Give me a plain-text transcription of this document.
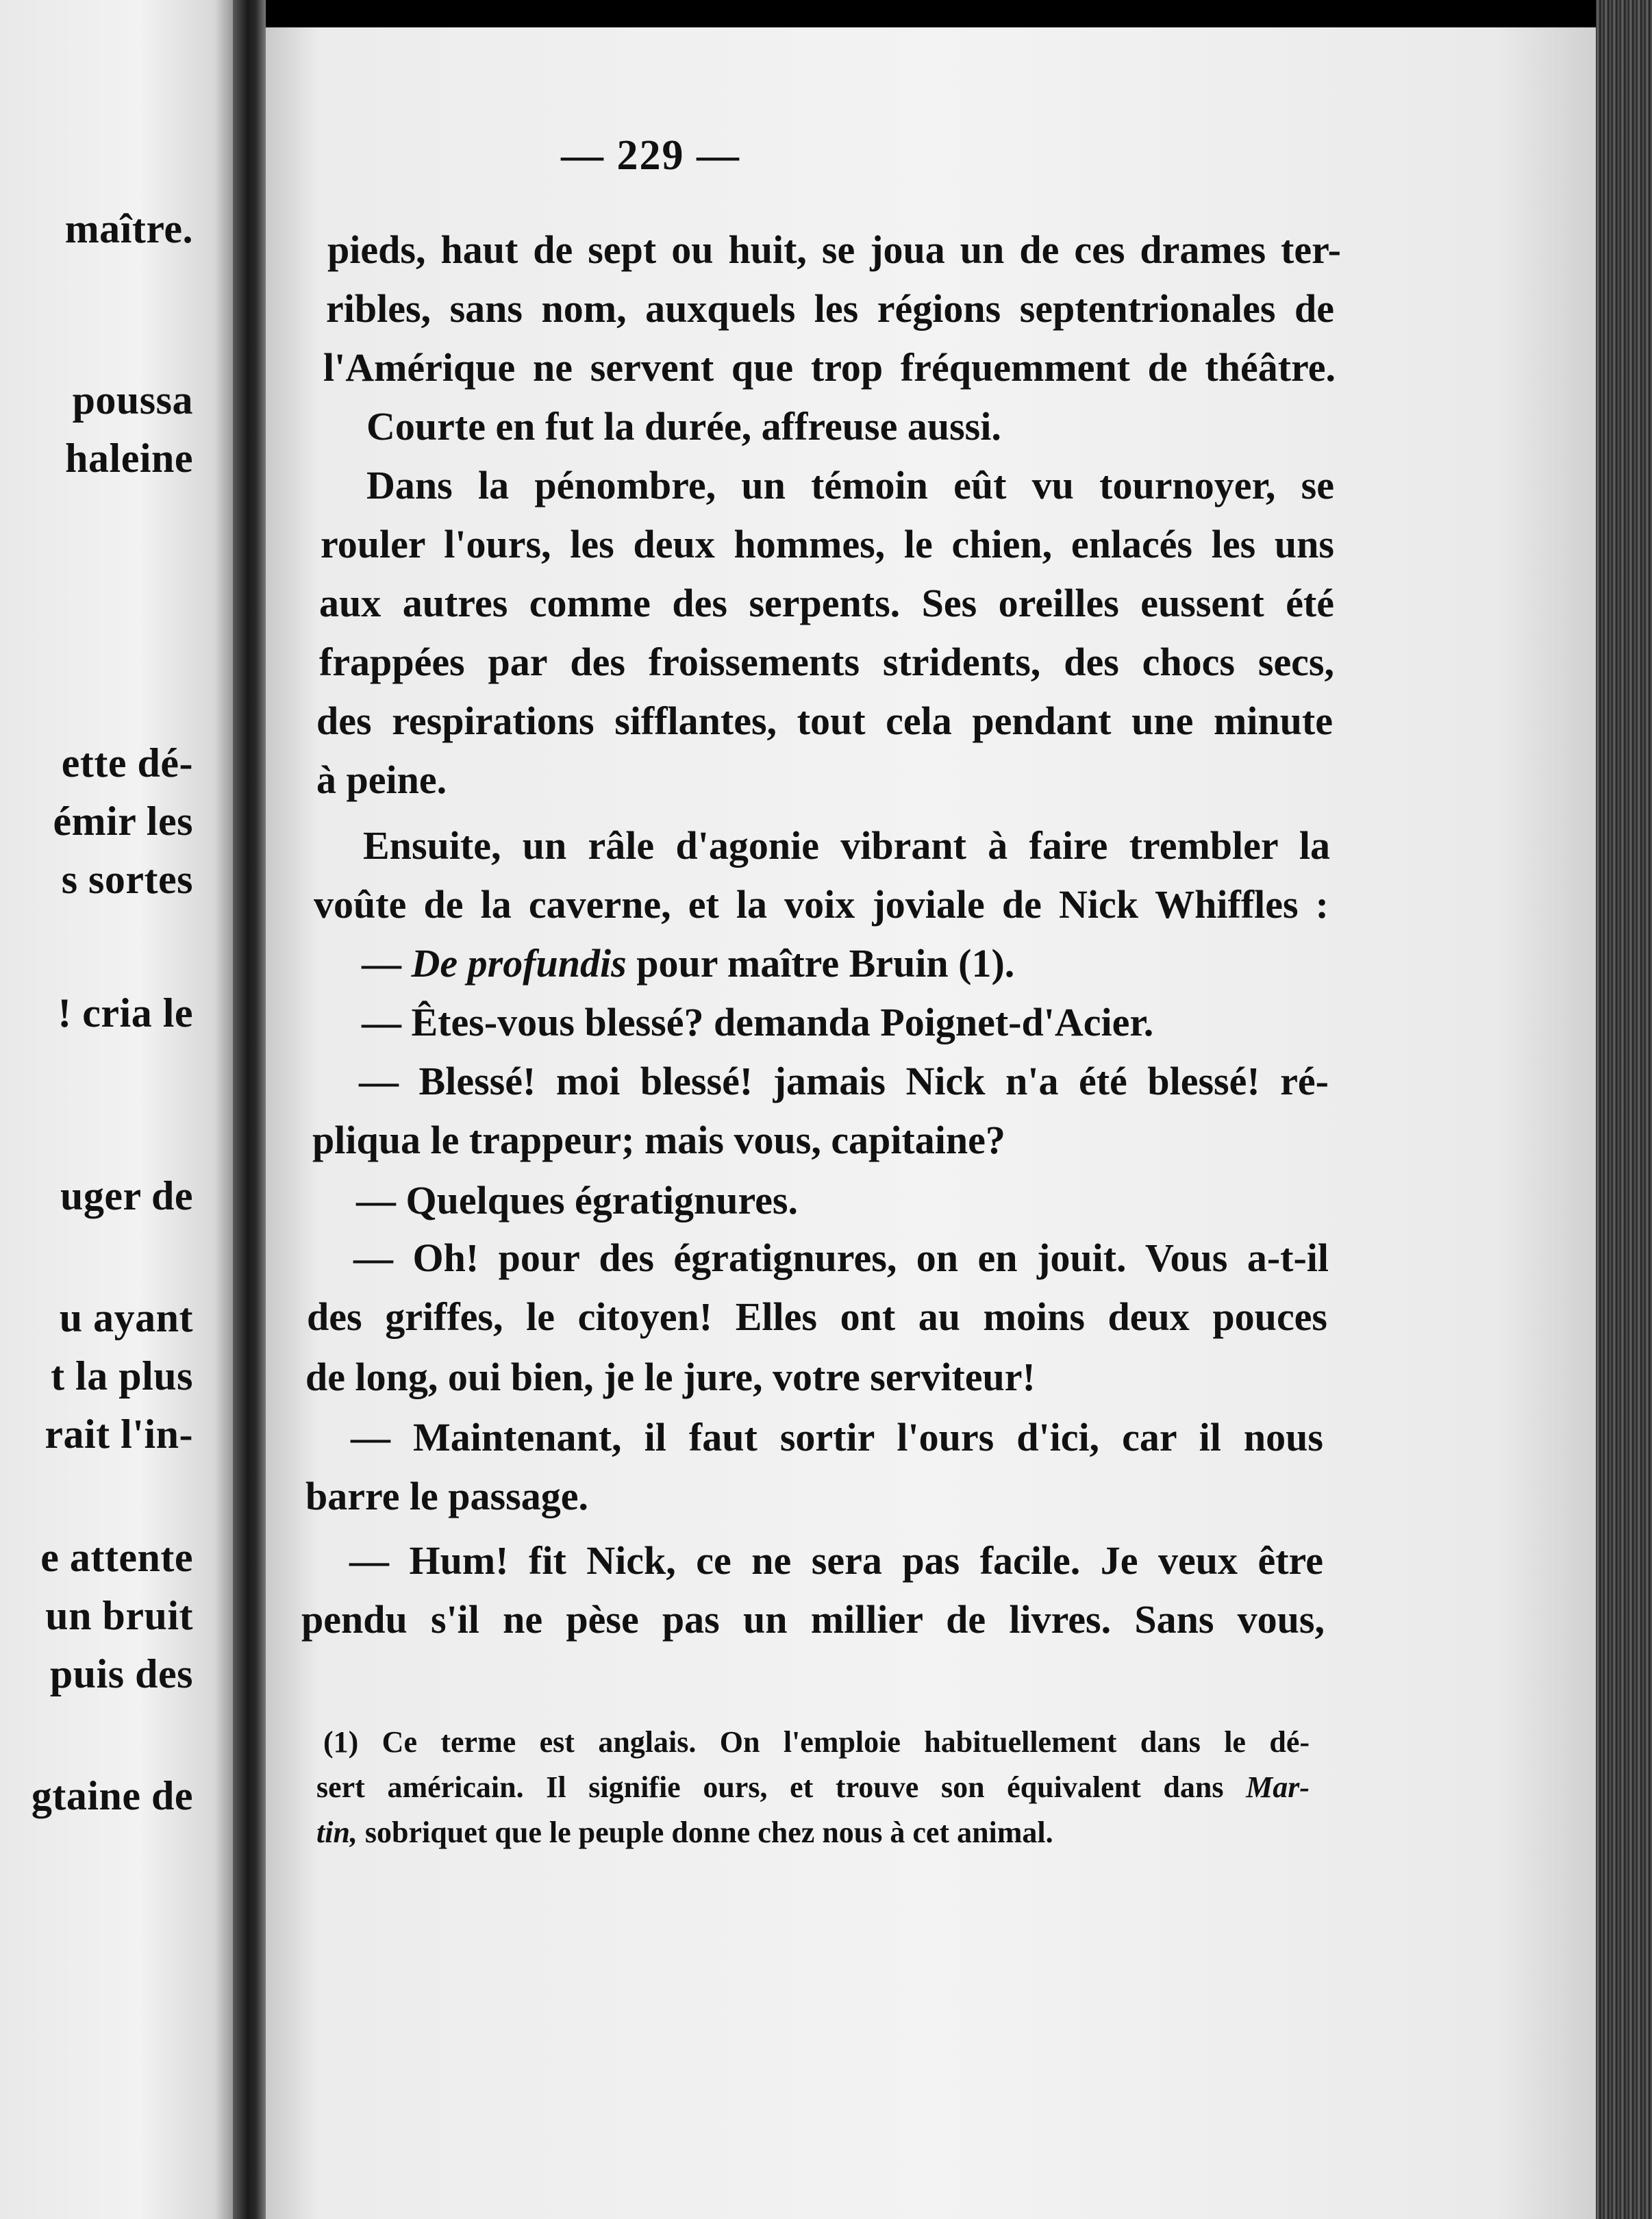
maître.
poussa
haleine
ette dé-
émir les
s sortes
! cria le
uger de
u ayant
t la plus
rait l'in-
e attente
un bruit
puis des
gtaine de
— 229 —
pieds, haut de sept ou huit, se joua un de ces drames ter-
ribles, sans nom, auxquels les régions septentrionales de
l'Amérique ne servent que trop fréquemment de théâtre.
Courte en fut la durée, affreuse aussi.
Dans la pénombre, un témoin eût vu tournoyer, se
rouler l'ours, les deux hommes, le chien, enlacés les uns
aux autres comme des serpents. Ses oreilles eussent été
frappées par des froissements stridents, des chocs secs,
des respirations sifflantes, tout cela pendant une minute
à peine.
Ensuite, un râle d'agonie vibrant à faire trembler la
voûte de la caverne, et la voix joviale de Nick Whiffles :
— De profundis pour maître Bruin (1).
— Êtes-vous blessé? demanda Poignet-d'Acier.
— Blessé! moi blessé! jamais Nick n'a été blessé! ré-
pliqua le trappeur; mais vous, capitaine?
— Quelques égratignures.
— Oh! pour des égratignures, on en jouit. Vous a-t-il
des griffes, le citoyen! Elles ont au moins deux pouces
de long, oui bien, je le jure, votre serviteur!
— Maintenant, il faut sortir l'ours d'ici, car il nous
barre le passage.
— Hum! fit Nick, ce ne sera pas facile. Je veux être
pendu s'il ne pèse pas un millier de livres. Sans vous,
(1) Ce terme est anglais. On l'emploie habituellement dans le dé-
sert américain. Il signifie ours, et trouve son équivalent dans Mar-
tin, sobriquet que le peuple donne chez nous à cet animal.
